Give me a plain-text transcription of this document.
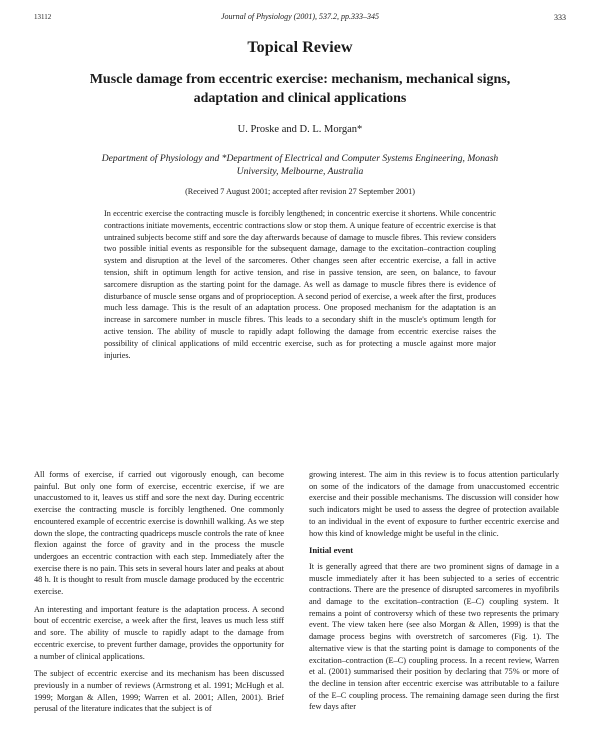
13112	Journal of Physiology (2001), 537.2, pp.333–345	333
Topical Review
Muscle damage from eccentric exercise: mechanism, mechanical signs, adaptation and clinical applications
U. Proske and D. L. Morgan*
Department of Physiology and *Department of Electrical and Computer Systems Engineering, Monash University, Melbourne, Australia
(Received 7 August 2001; accepted after revision 27 September 2001)
In eccentric exercise the contracting muscle is forcibly lengthened; in concentric exercise it shortens. While concentric contractions initiate movements, eccentric contractions slow or stop them. A unique feature of eccentric exercise is that untrained subjects become stiff and sore the day afterwards because of damage to muscle fibres. This review considers two possible initial events as responsible for the subsequent damage, damage to the excitation–contraction coupling system and disruption at the level of the sarcomeres. Other changes seen after eccentric exercise, a fall in active tension, shift in optimum length for active tension, and rise in passive tension, are seen, on balance, to favour sarcomere disruption as the starting point for the damage. As well as damage to muscle fibres there is evidence of disturbance of muscle sense organs and of proprioception. A second period of exercise, a week after the first, produces much less damage. This is the result of an adaptation process. One proposed mechanism for the adaptation is an increase in sarcomere number in muscle fibres. This leads to a secondary shift in the muscle's optimum length for active tension. The ability of muscle to rapidly adapt following the damage from eccentric exercise raises the possibility of clinical applications of mild eccentric exercise, such as for protecting a muscle against more major injuries.

All forms of exercise, if carried out vigorously enough, can become painful. But only one form of exercise, eccentric exercise, if we are unaccustomed to it, leaves us stiff and sore the next day. During eccentric exercise the contracting muscle is forcibly lengthened. One commonly encountered example of eccentric exercise is downhill walking. As we step down the slope, the contracting quadriceps muscle controls the rate of knee flexion against the force of gravity and in the process the muscle undergoes an eccentric contraction with each step. Immediately after the exercise there is no pain. This sets in several hours later and peaks at about 48 h. It is thought to result from muscle damage produced by the eccentric exercise.

An interesting and important feature is the adaptation process. A second bout of eccentric exercise, a week after the first, leaves us much less stiff and sore. The ability of muscle to rapidly adapt to the damage from eccentric exercise, to prevent further damage, provides the opportunity for a number of clinical applications.

The subject of eccentric exercise and its mechanism has been discussed previously in a number of reviews (Armstrong et al. 1991; McHugh et al. 1999; Morgan & Allen, 1999; Warren et al. 2001; Allen, 2001). Brief perusal of the literature indicates that the subject is of

growing interest. The aim in this review is to focus attention particularly on some of the indicators of the damage from unaccustomed eccentric exercise and their possible mechanisms. The discussion will consider how such indicators might be used to assess the degree of protection available to an individual in the event of exposure to further eccentric exercise and how this kind of knowledge might be useful in the clinic.

Initial event

It is generally agreed that there are two prominent signs of damage in a muscle immediately after it has been subjected to a series of eccentric contractions. There are the presence of disrupted sarcomeres in myofibrils and damage to the excitation–contraction (E–C) coupling system. It remains a point of controversy which of these two represents the primary event. The view taken here (see also Morgan & Allen, 1999) is that the damage process begins with overstretch of sarcomeres (Fig. 1). The alternative view is that the starting point is damage to components of the excitation–contraction (E–C) coupling process. In a recent review, Warren et al. (2001) summarised their position by declaring that 75% or more of the decline in tension after eccentric exercise was attributable to a failure of the E–C coupling process. The remaining damage seen during the first few days after
